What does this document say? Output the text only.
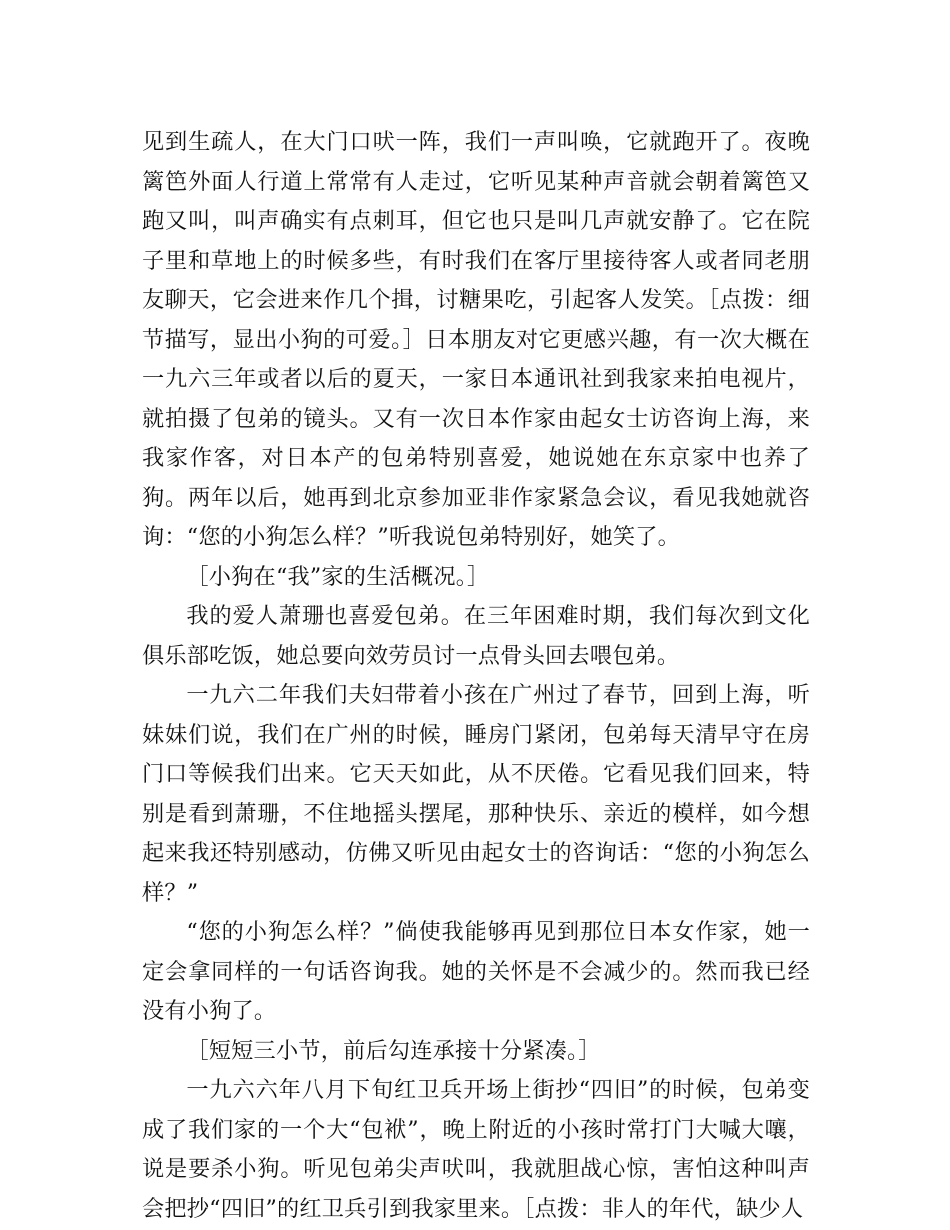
见到生疏人，在大门口吠一阵，我们一声叫唤，它就跑开了。夜晚篱笆外面人行道上常常有人走过，它听见某种声音就会朝着篱笆又跑又叫，叫声确实有点刺耳，但它也只是叫几声就安静了。它在院子里和草地上的时候多些，有时我们在客厅里接待客人或者同老朋友聊天，它会进来作几个揖，讨糖果吃，引起客人发笑。［点拨：细节描写，显出小狗的可爱。］日本朋友对它更感兴趣，有一次大概在一九六三年或者以后的夏天，一家日本通讯社到我家来拍电视片，就拍摄了包弟的镜头。又有一次日本作家由起女士访咨询上海，来我家作客，对日本产的包弟特别喜爱，她说她在东京家中也养了狗。两年以后，她再到北京参加亚非作家紧急会议，看见我她就咨询：“您的小狗怎么样？”听我说包弟特别好，她笑了。

［小狗在“我”家的生活概况。］

我的爱人萧珊也喜爱包弟。在三年困难时期，我们每次到文化俱乐部吃饭，她总要向效劳员讨一点骨头回去喂包弟。

一九六二年我们夫妇带着小孩在广州过了春节，回到上海，听妹妹们说，我们在广州的时候，睡房门紧闭，包弟每天清早守在房门口等候我们出来。它天天如此，从不厌倦。它看见我们回来，特别是看到萧珊，不住地摇头摆尾，那种快乐、亲近的模样，如今想起来我还特别感动，仿佛又听见由起女士的咨询话：“您的小狗怎么样？”

“您的小狗怎么样？”倘使我能够再见到那位日本女作家，她一定会拿同样的一句话咨询我。她的关怀是不会减少的。然而我已经没有小狗了。

［短短三小节，前后勾连承接十分紧凑。］

一九六六年八月下旬红卫兵开场上街抄“四旧”的时候，包弟变成了我们家的一个大“包袱”，晚上附近的小孩时常打门大喊大嚷，说是要杀小狗。听见包弟尖声吠叫，我就胆战心惊，害怕这种叫声会把抄“四旧”的红卫兵引到我家里来。［点拨：非人的年代，缺少人
